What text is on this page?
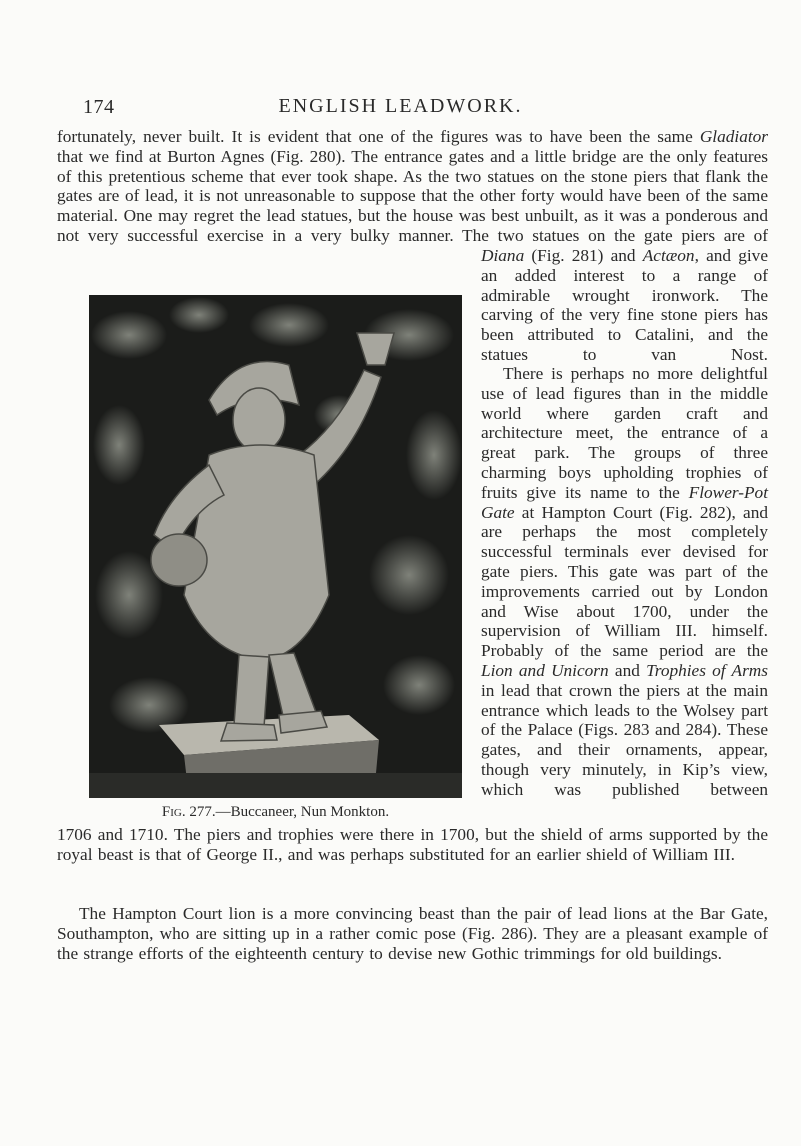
174	ENGLISH LEADWORK.

fortunately, never built. It is evident that one of the figures was to have been the same Gladiator that we find at Burton Agnes (Fig. 280). The entrance gates and a little bridge are the only features of this pretentious scheme that ever took shape. As the two statues on the stone piers that flank the gates are of lead, it is not unreasonable to suppose that the other forty would have been of the same material. One may regret the lead statues, but the house was best unbuilt, as it was a ponderous and not very successful exercise in a very bulky manner. The two statues on the gate piers are of

Diana (Fig. 281) and Actæon, and give an added interest to a range of admirable wrought ironwork. The carving of the very fine stone piers has been attributed to Catalini, and the statues to van Nost.

There is perhaps no more delightful use of lead figures than in the middle world where garden craft and architecture meet, the entrance of a great park. The groups of three charming boys upholding trophies of fruits give its name to the Flower-Pot Gate at Hampton Court (Fig. 282), and are perhaps the most completely successful terminals ever devised for gate piers. This gate was part of the improvements carried out by London and Wise about 1700, under the supervision of William III. himself. Probably of the same period are the Lion and Unicorn and Trophies of Arms in lead that crown the piers at the main entrance which leads to the Wolsey part of the Palace (Figs. 283 and 284). These gates, and their ornaments, appear, though very minutely, in Kip’s view, which was published between

1706 and 1710. The piers and trophies were there in 1700, but the shield of arms supported by the royal beast is that of George II., and was perhaps substituted for an earlier shield of William III.

The Hampton Court lion is a more convincing beast than the pair of lead lions at the Bar Gate, Southampton, who are sitting up in a rather comic pose (Fig. 286). They are a pleasant example of the strange efforts of the eighteenth century to devise new Gothic trimmings for old buildings.

Fig. 277.—Buccaneer, Nun Monkton.
